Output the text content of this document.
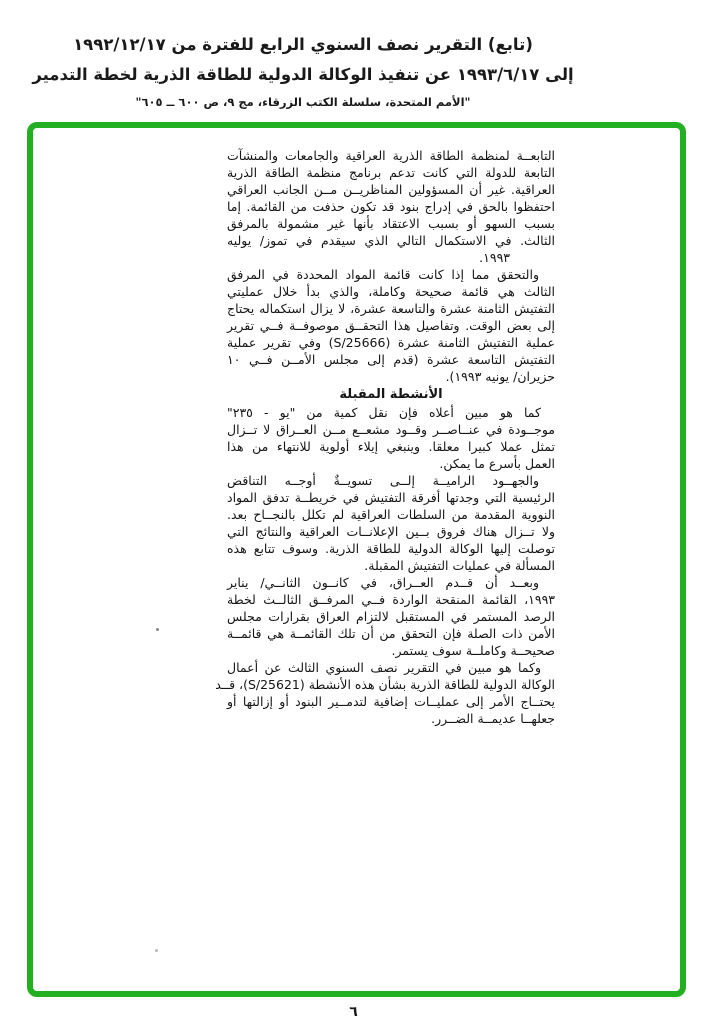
(تابع) التقرير نصف السنوي الرابع للفترة من ١٩٩٢/١٢/١٧
إلى ١٩٩٣/٦/١٧ عن تنفيذ الوكالة الدولية للطاقة الذرية لخطة التدمير
"الأمم المتحدة، سلسلة الكتب الزرقاء، مج ٩، ص ٦٠٠ ــ ٦٠٥"
التابعــة لمنظمة الطاقة الذرية العراقية والجامعات والمنشآت
التابعة للدولة التي كانت تدعم برنامج منظمة الطاقة الذرية
العراقية. غير أن المسؤولين المناظريــن مــن الجانب العراقي
احتفظوا بالحق في إدراج بنود قد تكون حذفت من القائمة. إما
بسبب السهو أو بسبب الاعتقاد بأنها غير مشمولة بالمرفق
الثالث. في الاستكمال التالي الذي سيقدم في تموز/ يوليه
١٩٩٣.
والتحقق مما إذا كانت قائمة المواد المحددة في المرفق
الثالث هي قائمة صحيحة وكاملة، والذي بدأ خلال عمليتي
التفتيش الثامنة عشرة والتاسعة عشرة، لا يزال استكماله يحتاج
إلى بعض الوقت. وتفاصيل هذا التحقــق موصوفــة فــي تقرير
عملية التفتيش الثامنة عشرة (S/25666) وفي تقرير عملية
التفتيش التاسعة عشرة (قدم إلى مجلس الأمــن فــي ١٠
حزيران/ يونيه ١٩٩٣).
الأنشطة المقبلة
كما هو مبين أعلاه فإن نقل كمية من "يو - ٢٣٥"
موجــودة في عنــاصــر وقــود مشعــع مــن العــراق لا تــزال
تمثل عملا كبيرا معلقا. وينبغي إيلاء أولوية للانتهاء من هذا
العمل بأسرع ما يمكن.
والجهــود الراميــة إلــى تسويــةٌ أوجــه التناقض
الرئيسية التي وجدتها أفرقة التفتيش في خريطــة تدفق المواد
النووية المقدمة من السلطات العراقية لم تكلل بالنجــاح بعد.
ولا تــزال هناك فروق بــين الإعلانــات العراقية والنتائج التي
توصلت إليها الوكالة الدولية للطاقة الذرية. وسوف تتابع هذه
المسألة في عمليات التفتيش المقبلة.
وبعــد أن قــدم العــراق، في كانــون الثانــي/ يناير
١٩٩٣، القائمة المنقحة الواردة فــي المرفــق الثالــث لخطة
الرصد المستمر في المستقبل لالتزام العراق بقرارات مجلس
الأمن ذات الصلة فإن التحقق من أن تلك القائمــة هي قائمــة
صحيحــة وكاملــة سوف يستمر.
وكما هو مبين في التقرير نصف السنوي الثالث عن أعمال
الوكالة الدولية للطاقة الذرية بشأن هذه الأنشطة (S/25621)، قــد
يحتــاج الأمر إلى عمليــات إضافية لتدمــير البنود أو إزالتها أو
جعلهــا عديمــة الضــرر.
٦
